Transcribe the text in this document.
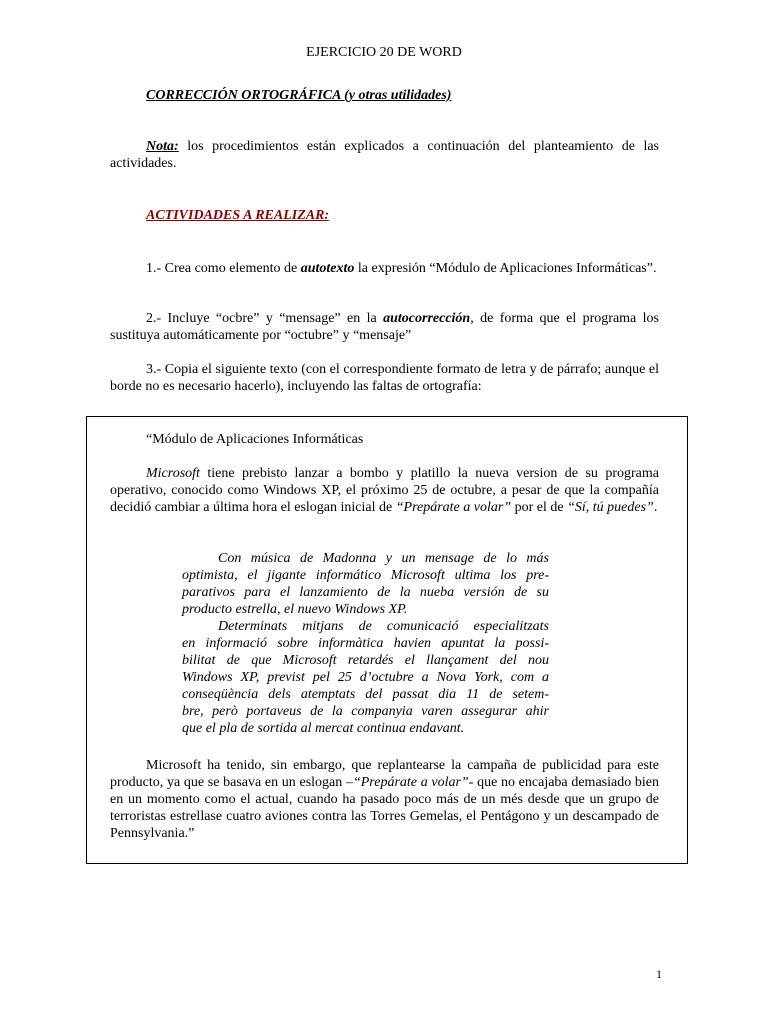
EJERCICIO 20 DE WORD
CORRECCIÓN ORTOGRÁFICA (y otras utilidades)
Nota: los procedimientos están explicados a continuación del planteamiento de las actividades.
ACTIVIDADES A REALIZAR:
1.- Crea como elemento de autotexto la expresión “Módulo de Aplicaciones Informáticas”.
2.- Incluye “ocbre” y “mensage” en la autocorrección, de forma que el programa los sustituya automáticamente por “octubre” y “mensaje”
3.- Copia el siguiente texto (con el correspondiente formato de letra y de párrafo; aunque el borde no es necesario hacerlo), incluyendo las faltas de ortografía:
“Módulo de Aplicaciones Informáticas
Microsoft tiene prebisto lanzar a bombo y platillo la nueva version de su programa operativo, conocido como Windows XP, el próximo 25 de octubre, a pesar de que la compañía decidió cambiar a última hora el eslogan inicial de “Prepárate a volar” por el de “Sí, tú puedes”.
Con música de Madonna y un mensage de lo más
optimista, el jigante informático Microsoft ultima los pre-
parativos para el lanzamiento de la nueba versión de su
producto estrella, el nuevo Windows XP.
Determinats mitjans de comunicació especialitzats
en informació sobre informàtica havien apuntat la possi-
bilitat de que Microsoft retardés el llançament del nou
Windows XP, previst pel 25 d’octubre a Nova York, com a
conseqüència dels atemptats del passat dia 11 de setem-
bre, però portaveus de la companyia varen assegurar ahir
que el pla de sortida al mercat continua endavant.
Microsoft ha tenido, sin embargo, que replantearse la campaña de publicidad para este producto, ya que se basava en un eslogan –“Prepárate a volar”- que no encajaba demasiado bien en un momento como el actual, cuando ha pasado poco más de un més desde que un grupo de terroristas estrellase cuatro aviones contra las Torres Gemelas, el Pentágono y un descampado de Pennsylvania.”
1
